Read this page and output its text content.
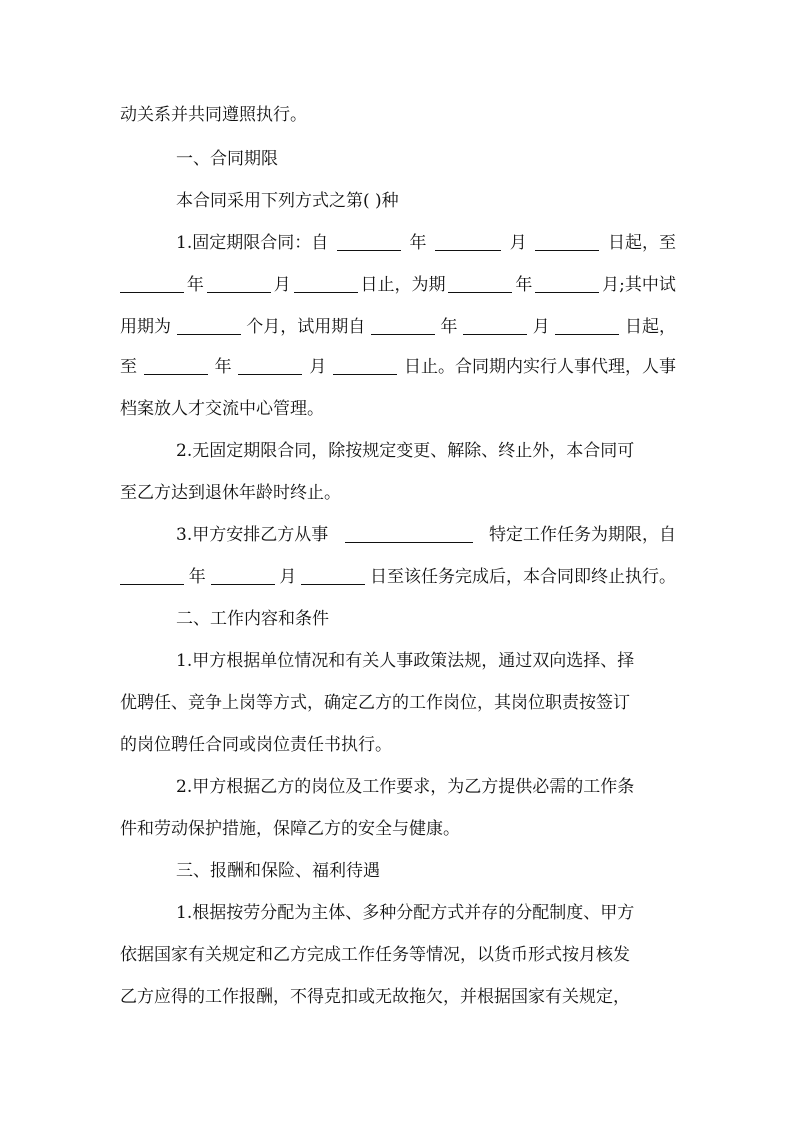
动关系并共同遵照执行。
一、合同期限
本合同采用下列方式之第( )种
1.固定期限合同：自	年	月	日起，至
年	月	日止，为期	年	月;其中试
用期为	个月，试用期自	年	月	日起，
至	年	月	日止。合同期内实行人事代理，人事
档案放人才交流中心管理。
2.无固定期限合同，除按规定变更、解除、终止外，本合同可
至乙方达到退休年龄时终止。
3.甲方安排乙方从事	特定工作任务为期限，自
年	月	日至该任务完成后，本合同即终止执行。
二、工作内容和条件
1.甲方根据单位情况和有关人事政策法规，通过双向选择、择
优聘任、竞争上岗等方式，确定乙方的工作岗位，其岗位职责按签订
的岗位聘任合同或岗位责任书执行。
2.甲方根据乙方的岗位及工作要求，为乙方提供必需的工作条
件和劳动保护措施，保障乙方的安全与健康。
三、报酬和保险、福利待遇
1.根据按劳分配为主体、多种分配方式并存的分配制度、甲方
依据国家有关规定和乙方完成工作任务等情况，以货币形式按月核发
乙方应得的工作报酬，不得克扣或无故拖欠，并根据国家有关规定，
